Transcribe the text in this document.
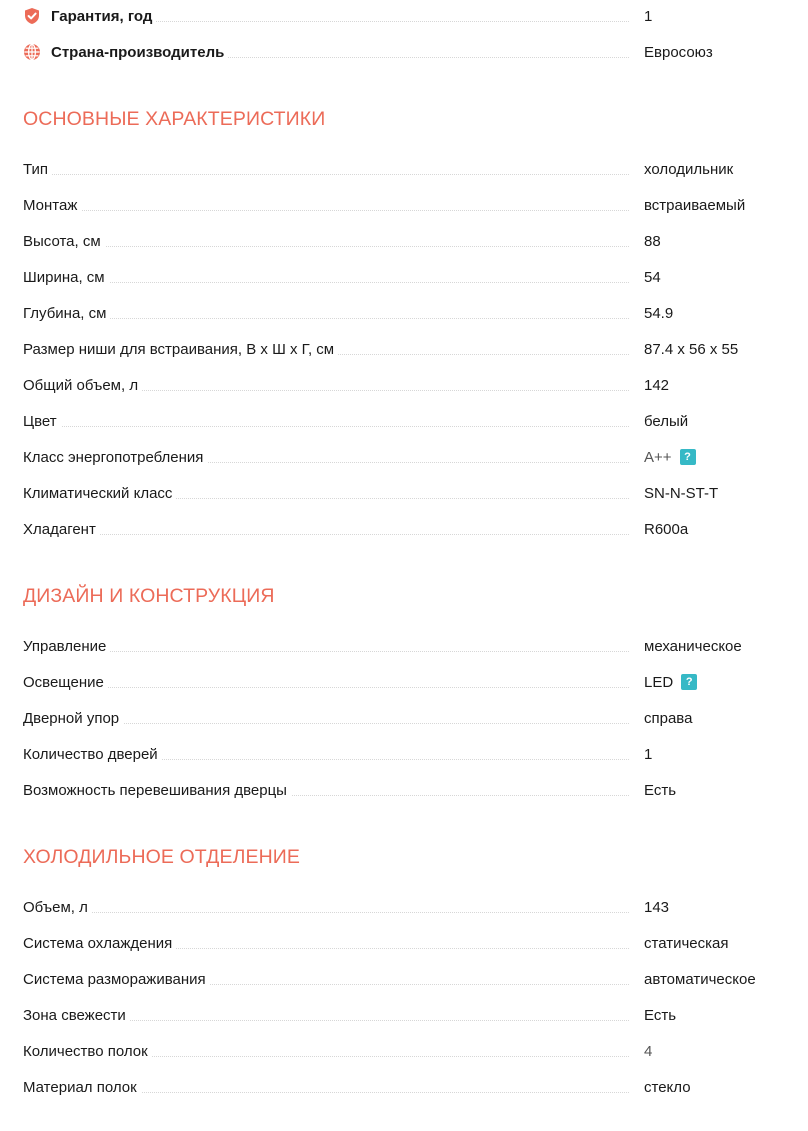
Гарантия, год	1
Страна-производитель	Евросоюз
ОСНОВНЫЕ ХАРАКТЕРИСТИКИ
Тип	холодильник
Монтаж	встраиваемый
Высота, см	88
Ширина, см	54
Глубина, см	54.9
Размер ниши для встраивания, В х Ш х Г, см	87.4 x 56 x 55
Общий объем, л	142
Цвет	белый
Класс энергопотребления	A++	?
Климатический класс	SN-N-ST-T
Хладагент	R600a
ДИЗАЙН И КОНСТРУКЦИЯ
Управление	механическое
Освещение	LED	?
Дверной упор	справа
Количество дверей	1
Возможность перевешивания дверцы	Есть
ХОЛОДИЛЬНОЕ ОТДЕЛЕНИЕ
Объем, л	143
Система охлаждения	статическая
Система размораживания	автоматическое
Зона свежести	Есть
Количество полок	4
Материал полок	стекло
